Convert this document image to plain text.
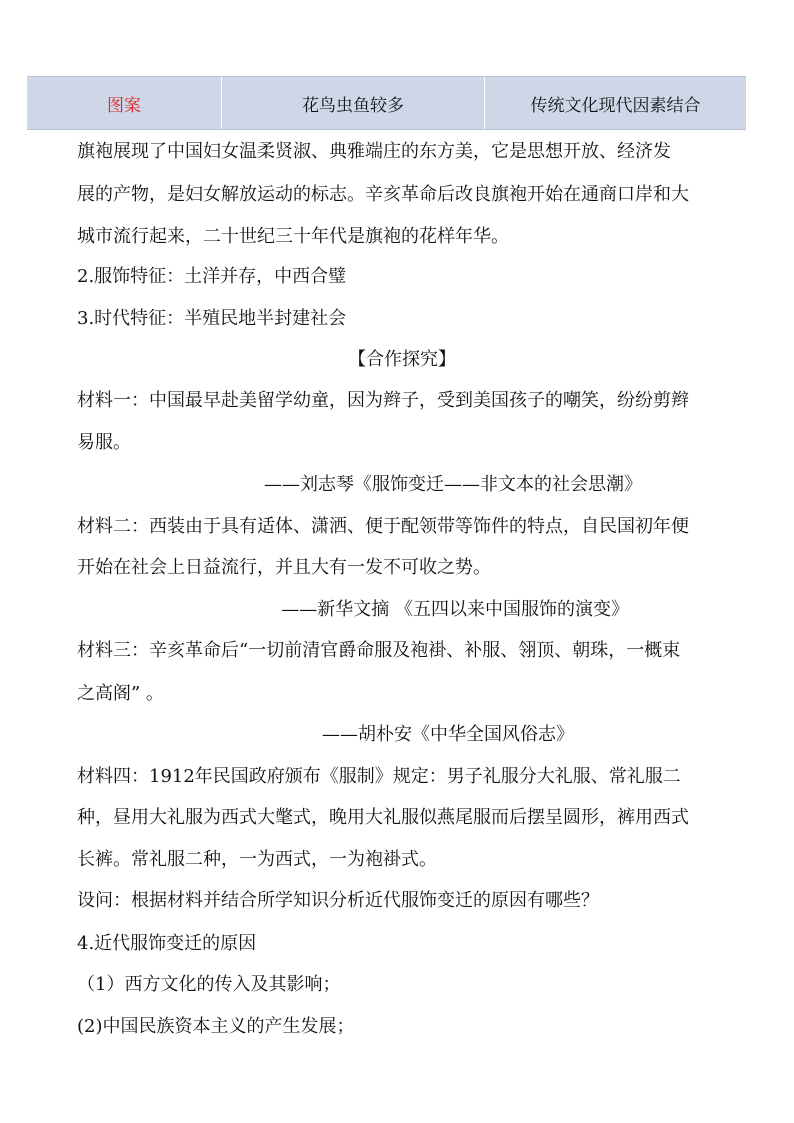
图案	花鸟虫鱼较多	传统文化现代因素结合
旗袍展现了中国妇女温柔贤淑、典雅端庄的东方美，它是思想开放、经济发
展的产物，是妇女解放运动的标志。辛亥革命后改良旗袍开始在通商口岸和大
城市流行起来，二十世纪三十年代是旗袍的花样年华。
2.服饰特征：土洋并存，中西合璧
3.时代特征：半殖民地半封建社会
【合作探究】
材料一：中国最早赴美留学幼童，因为辫子，受到美国孩子的嘲笑，纷纷剪辫
易服。
——刘志琴《服饰变迁——非文本的社会思潮》
材料二：西装由于具有适体、潇洒、便于配领带等饰件的特点，自民国初年便
开始在社会上日益流行，并且大有一发不可收之势。
——新华文摘 《五四以来中国服饰的演变》
材料三：辛亥革命后“一切前清官爵命服及袍褂、补服、翎顶、朝珠，一概束
之高阁” 。
——胡朴安《中华全国风俗志》
材料四：1912年民国政府颁布《服制》规定：男子礼服分大礼服、常礼服二
种，昼用大礼服为西式大氅式，晚用大礼服似燕尾服而后摆呈圆形，裤用西式
长裤。常礼服二种，一为西式，一为袍褂式。
设问：根据材料并结合所学知识分析近代服饰变迁的原因有哪些？
4.近代服饰变迁的原因
（1）西方文化的传入及其影响；
(2)中国民族资本主义的产生发展；
